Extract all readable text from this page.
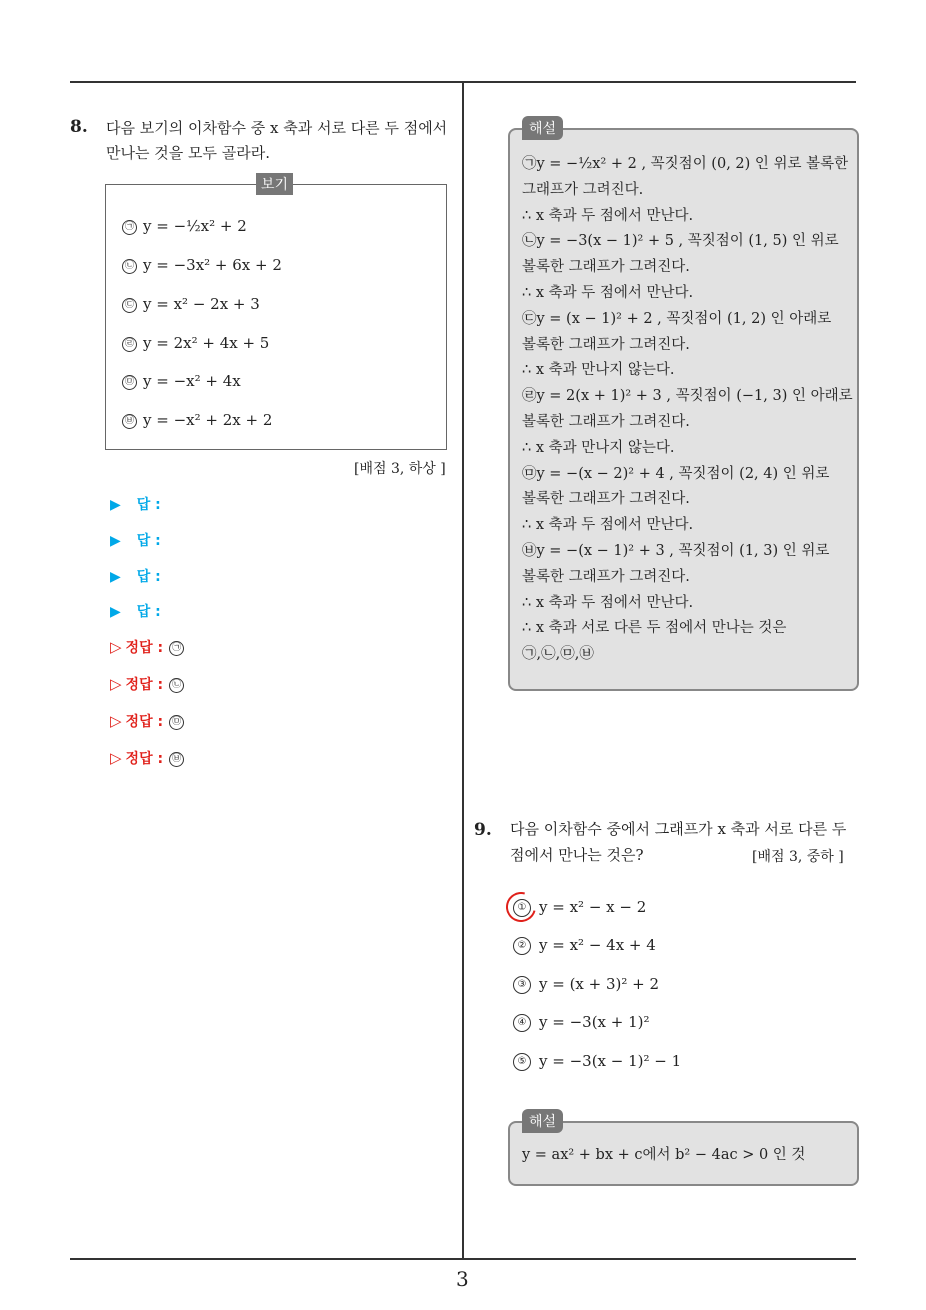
8. 다음 보기의 이차함수 중 x 축과 서로 다른 두 점에서
만나는 것을 모두 골라라.
보기
㉠ y = −½x² + 2
㉡ y = −3x² + 6x + 2
㉢ y = x² − 2x + 3
㉣ y = 2x² + 4x + 5
㉤ y = −x² + 4x
㉥ y = −x² + 2x + 2
[배점 3, 하상 ]
▶ 답 :
▶ 답 :
▶ 답 :
▶ 답 :
▷ 정답 : ㉠
▷ 정답 : ㉡
▷ 정답 : ㉤
▷ 정답 : ㉥
㉠y = −½x² + 2 , 꼭짓점이 (0, 2) 인 위로 볼록한
그래프가 그려진다.
∴ x 축과 두 점에서 만난다.
㉡y = −3(x − 1)² + 5 , 꼭짓점이 (1, 5) 인 위로
볼록한 그래프가 그려진다.
∴ x 축과 두 점에서 만난다.
㉢y = (x − 1)² + 2 , 꼭짓점이 (1, 2) 인 아래로
볼록한 그래프가 그려진다.
∴ x 축과 만나지 않는다.
㉣y = 2(x + 1)² + 3 , 꼭짓점이 (−1, 3) 인 아래로
볼록한 그래프가 그려진다.
∴ x 축과 만나지 않는다.
㉤y = −(x − 2)² + 4 , 꼭짓점이 (2, 4) 인 위로
볼록한 그래프가 그려진다.
∴ x 축과 두 점에서 만난다.
㉥y = −(x − 1)² + 3 , 꼭짓점이 (1, 3) 인 위로
볼록한 그래프가 그려진다.
∴ x 축과 두 점에서 만난다.
∴ x 축과 서로 다른 두 점에서 만나는 것은
㉠,㉡,㉤,㉥
해설
9. 다음 이차함수 중에서 그래프가 x 축과 서로 다른 두
점에서 만나는 것은?	[배점 3, 중하 ]
① y = x² − x − 2
② y = x² − 4x + 4
③ y = (x + 3)² + 2
④ y = −3(x + 1)²
⑤ y = −3(x − 1)² − 1
y = ax² + bx + c에서 b² − 4ac > 0 인 것
해설
3
